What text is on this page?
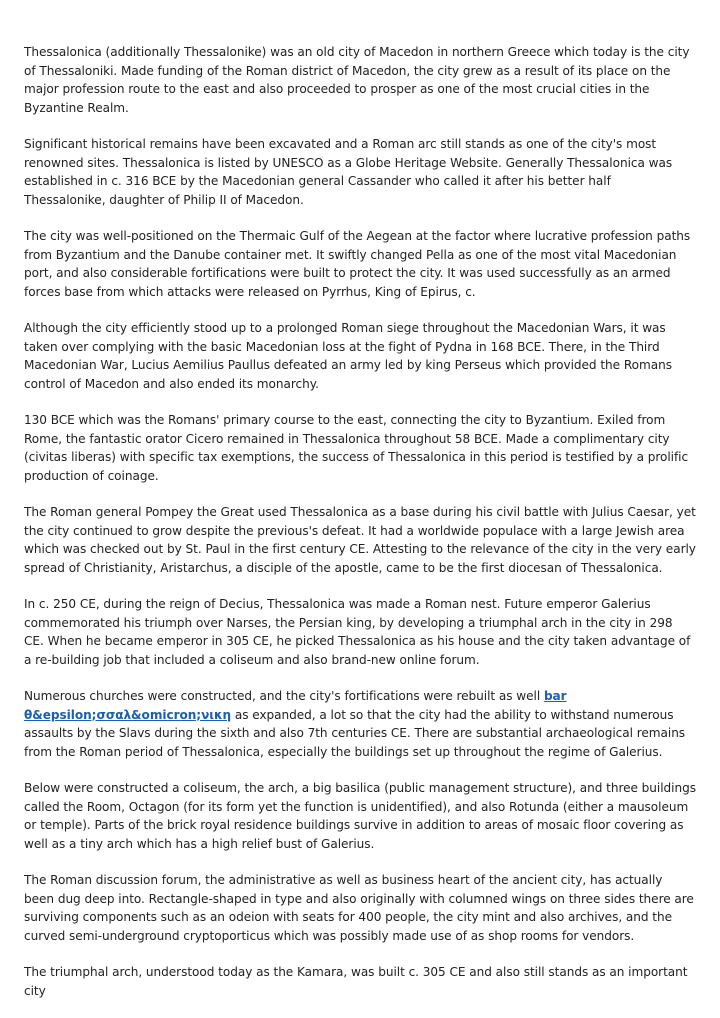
Thessalonica (additionally Thessalonike) was an old city of Macedon in northern Greece which today is the city of Thessaloniki. Made funding of the Roman district of Macedon, the city grew as a result of its place on the major profession route to the east and also proceeded to prosper as one of the most crucial cities in the Byzantine Realm.

Significant historical remains have been excavated and a Roman arc still stands as one of the city's most renowned sites. Thessalonica is listed by UNESCO as a Globe Heritage Website. Generally Thessalonica was established in c. 316 BCE by the Macedonian general Cassander who called it after his better half Thessalonike, daughter of Philip II of Macedon.

The city was well-positioned on the Thermaic Gulf of the Aegean at the factor where lucrative profession paths from Byzantium and the Danube container met. It swiftly changed Pella as one of the most vital Macedonian port, and also considerable fortifications were built to protect the city. It was used successfully as an armed forces base from which attacks were released on Pyrrhus, King of Epirus, c.

Although the city efficiently stood up to a prolonged Roman siege throughout the Macedonian Wars, it was taken over complying with the basic Macedonian loss at the fight of Pydna in 168 BCE. There, in the Third Macedonian War, Lucius Aemilius Paullus defeated an army led by king Perseus which provided the Romans control of Macedon and also ended its monarchy.

130 BCE which was the Romans' primary course to the east, connecting the city to Byzantium. Exiled from Rome, the fantastic orator Cicero remained in Thessalonica throughout 58 BCE. Made a complimentary city (civitas liberas) with specific tax exemptions, the success of Thessalonica in this period is testified by a prolific production of coinage.

The Roman general Pompey the Great used Thessalonica as a base during his civil battle with Julius Caesar, yet the city continued to grow despite the previous's defeat. It had a worldwide populace with a large Jewish area which was checked out by St. Paul in the first century CE. Attesting to the relevance of the city in the very early spread of Christianity, Aristarchus, a disciple of the apostle, came to be the first diocesan of Thessalonica.

In c. 250 CE, during the reign of Decius, Thessalonica was made a Roman nest. Future emperor Galerius commemorated his triumph over Narses, the Persian king, by developing a triumphal arch in the city in 298 CE. When he became emperor in 305 CE, he picked Thessalonica as his house and the city taken advantage of a re-building job that included a coliseum and also brand-new online forum.

Numerous churches were constructed, and the city's fortifications were rebuilt as well bar θ&epsilon;σσαλ&omicron;νικη as expanded, a lot so that the city had the ability to withstand numerous assaults by the Slavs during the sixth and also 7th centuries CE. There are substantial archaeological remains from the Roman period of Thessalonica, especially the buildings set up throughout the regime of Galerius.

Below were constructed a coliseum, the arch, a big basilica (public management structure), and three buildings called the Room, Octagon (for its form yet the function is unidentified), and also Rotunda (either a mausoleum or temple). Parts of the brick royal residence buildings survive in addition to areas of mosaic floor covering as well as a tiny arch which has a high relief bust of Galerius.

The Roman discussion forum, the administrative as well as business heart of the ancient city, has actually been dug deep into. Rectangle-shaped in type and also originally with columned wings on three sides there are surviving components such as an odeion with seats for 400 people, the city mint and also archives, and the curved semi-underground cryptoporticus which was possibly made use of as shop rooms for vendors.

The triumphal arch, understood today as the Kamara, was built c. 305 CE and also still stands as an important city
